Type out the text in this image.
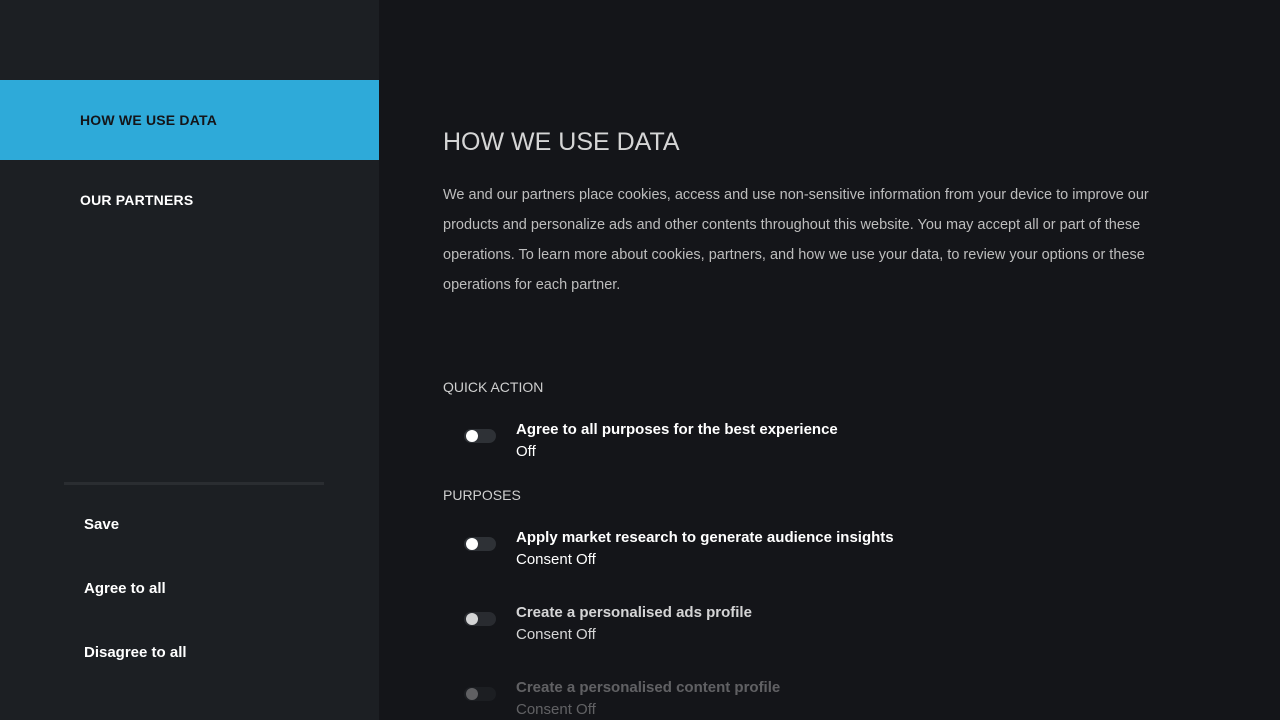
HOW WE USE DATA
OUR PARTNERS
Save
Agree to all
Disagree to all
HOW WE USE DATA
We and our partners place cookies, access and use non-sensitive information from your device to improve our products and personalize ads and other contents throughout this website. You may accept all or part of these operations. To learn more about cookies, partners, and how we use your data, to review your options or these operations for each partner.
QUICK ACTION
Agree to all purposes for the best experience
Off
PURPOSES
Apply market research to generate audience insights
Consent Off
Create a personalised ads profile
Consent Off
Create a personalised content profile
Consent Off
